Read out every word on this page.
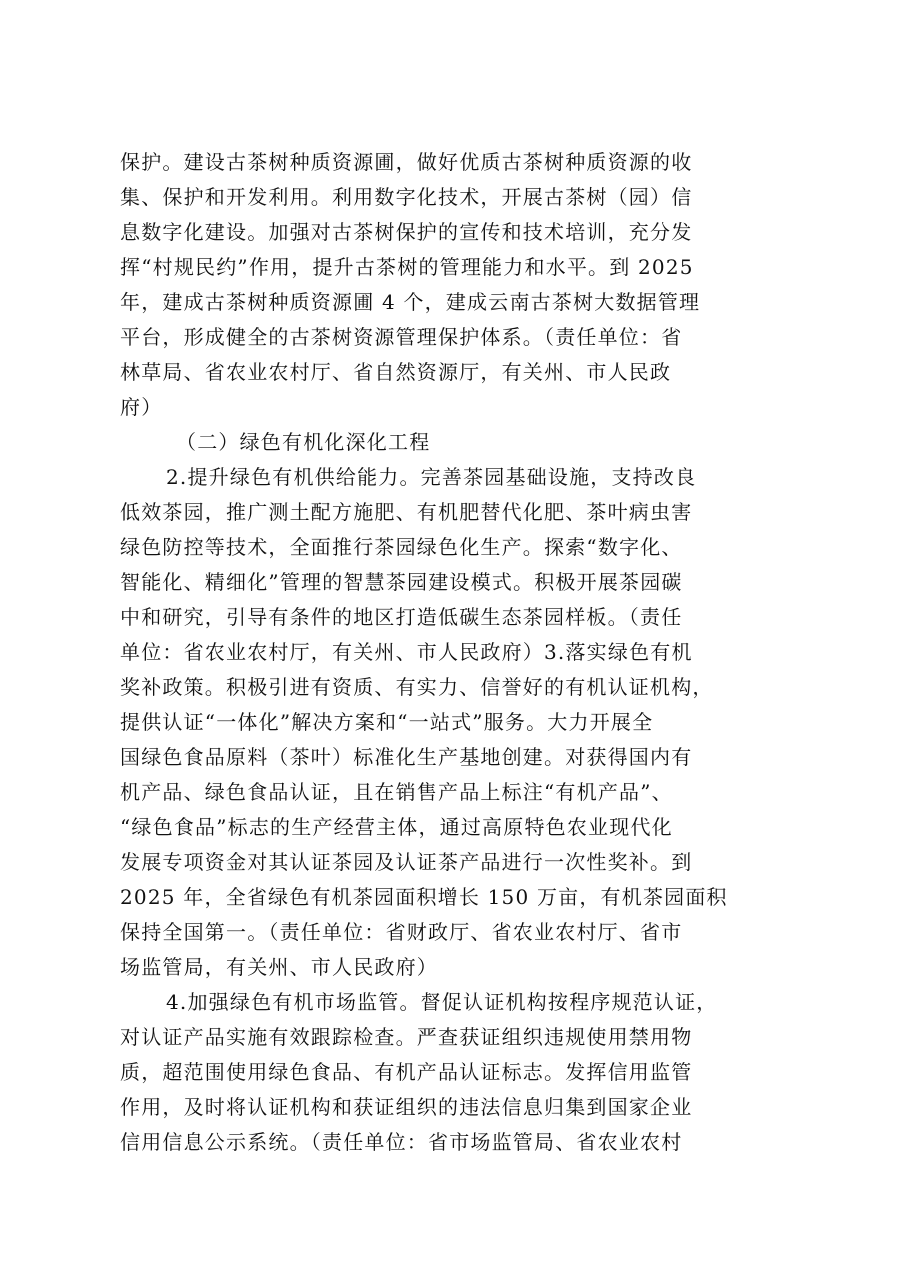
保护。建设古茶树种质资源圃，做好优质古茶树种质资源的收
集、保护和开发利用。利用数字化技术，开展古茶树（园）信
息数字化建设。加强对古茶树保护的宣传和技术培训，充分发
挥“村规民约”作用，提升古茶树的管理能力和水平。到 2025
年，建成古茶树种质资源圃 4 个，建成云南古茶树大数据管理
平台，形成健全的古茶树资源管理保护体系。（责任单位：省
林草局、省农业农村厅、省自然资源厅，有关州、市人民政
府）
（二）绿色有机化深化工程
2.提升绿色有机供给能力。完善茶园基础设施，支持改良
低效茶园，推广测土配方施肥、有机肥替代化肥、茶叶病虫害
绿色防控等技术，全面推行茶园绿色化生产。探索“数字化、
智能化、精细化”管理的智慧茶园建设模式。积极开展茶园碳
中和研究，引导有条件的地区打造低碳生态茶园样板。（责任
单位：省农业农村厅，有关州、市人民政府）3.落实绿色有机
奖补政策。积极引进有资质、有实力、信誉好的有机认证机构，
提供认证“一体化”解决方案和“一站式”服务。大力开展全
国绿色食品原料（茶叶）标准化生产基地创建。对获得国内有
机产品、绿色食品认证，且在销售产品上标注“有机产品”、
“绿色食品”标志的生产经营主体，通过高原特色农业现代化
发展专项资金对其认证茶园及认证茶产品进行一次性奖补。到
2025 年，全省绿色有机茶园面积增长 150 万亩，有机茶园面积
保持全国第一。（责任单位：省财政厅、省农业农村厅、省市
场监管局，有关州、市人民政府）
4.加强绿色有机市场监管。督促认证机构按程序规范认证，
对认证产品实施有效跟踪检查。严查获证组织违规使用禁用物
质，超范围使用绿色食品、有机产品认证标志。发挥信用监管
作用，及时将认证机构和获证组织的违法信息归集到国家企业
信用信息公示系统。（责任单位：省市场监管局、省农业农村
